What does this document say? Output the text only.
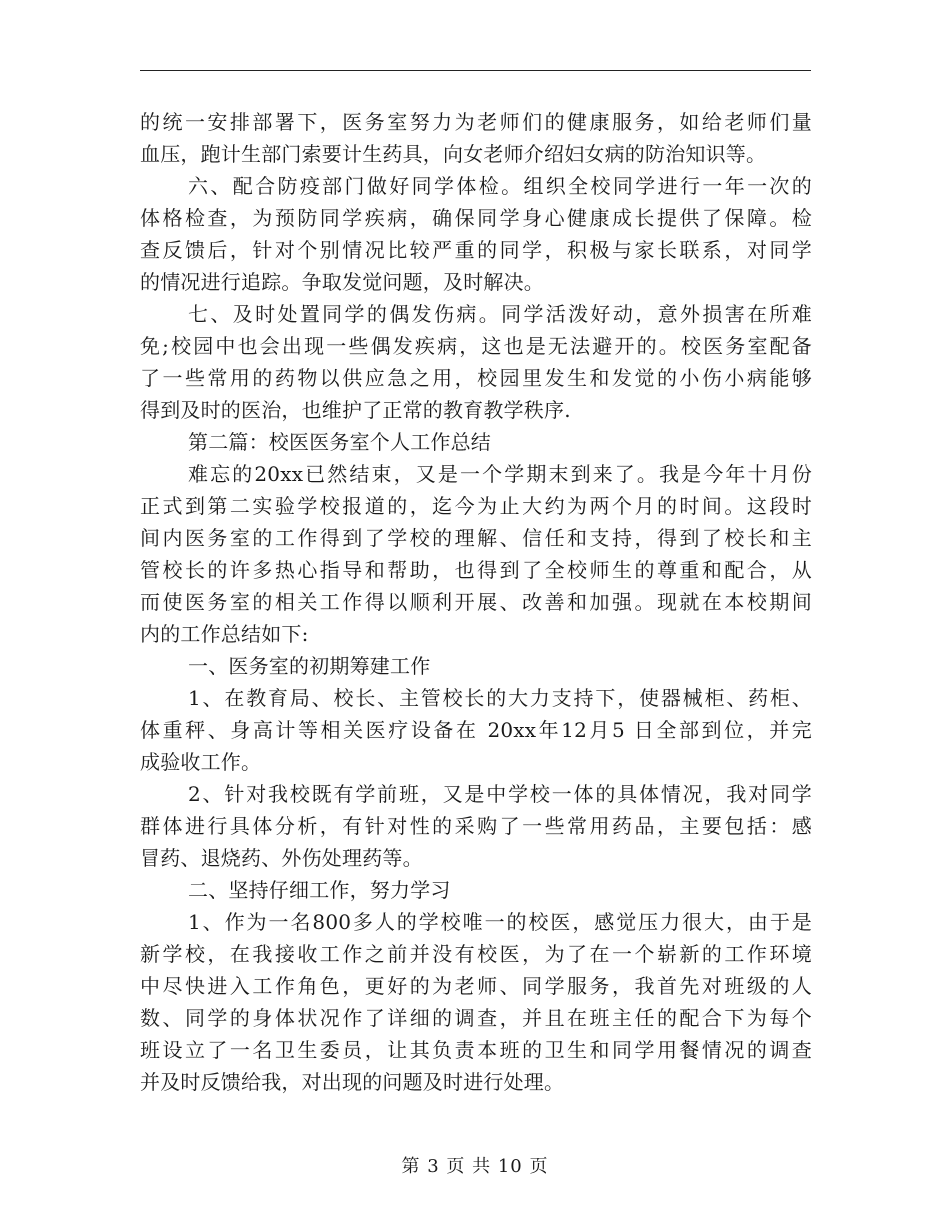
的统一安排部署下，医务室努力为老师们的健康服务，如给老师们量
血压，跑计生部门索要计生药具，向女老师介绍妇女病的防治知识等。
六、配合防疫部门做好同学体检。组织全校同学进行一年一次的
体格检查，为预防同学疾病，确保同学身心健康成长提供了保障。检
查反馈后，针对个别情况比较严重的同学，积极与家长联系，对同学
的情况进行追踪。争取发觉问题，及时解决。
七、及时处置同学的偶发伤病。同学活泼好动，意外损害在所难
免;校园中也会出现一些偶发疾病，这也是无法避开的。校医务室配备
了一些常用的药物以供应急之用，校园里发生和发觉的小伤小病能够
得到及时的医治，也维护了正常的教育教学秩序.
第二篇：校医医务室个人工作总结
难忘的20xx已然结束，又是一个学期末到来了。我是今年十月份
正式到第二实验学校报道的，迄今为止大约为两个月的时间。这段时
间内医务室的工作得到了学校的理解、信任和支持，得到了校长和主
管校长的许多热心指导和帮助，也得到了全校师生的尊重和配合，从
而使医务室的相关工作得以顺利开展、改善和加强。现就在本校期间
内的工作总结如下:
一、医务室的初期筹建工作
1、在教育局、校长、主管校长的大力支持下，使器械柜、药柜、
体重秤、身高计等相关医疗设备在 20xx年12月5 日全部到位，并完
成验收工作。
2、针对我校既有学前班，又是中学校一体的具体情况，我对同学
群体进行具体分析，有针对性的采购了一些常用药品，主要包括：感
冒药、退烧药、外伤处理药等。
二、坚持仔细工作，努力学习
1、作为一名800多人的学校唯一的校医，感觉压力很大，由于是
新学校，在我接收工作之前并没有校医，为了在一个崭新的工作环境
中尽快进入工作角色，更好的为老师、同学服务，我首先对班级的人
数、同学的身体状况作了详细的调查，并且在班主任的配合下为每个
班设立了一名卫生委员，让其负责本班的卫生和同学用餐情况的调查
并及时反馈给我，对出现的问题及时进行处理。
第 3 页 共 10 页
